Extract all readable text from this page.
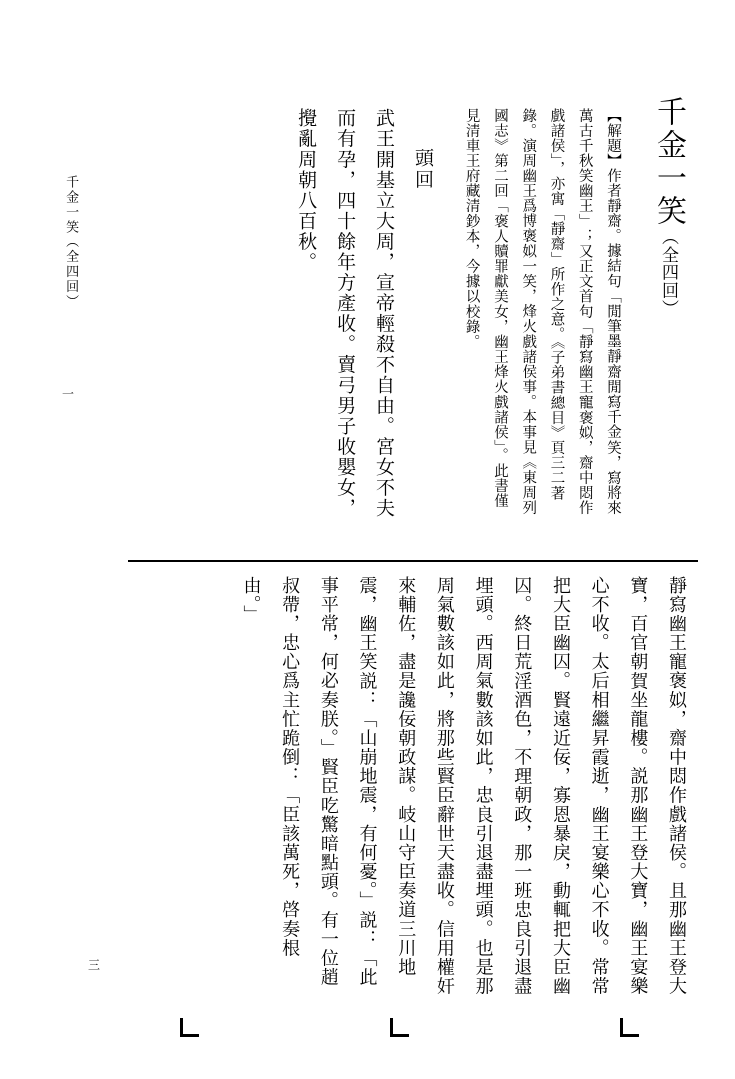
千金一笑（全四回）
一
千金一笑（全四回）
【解題】作者靜齋。據結句「閒筆墨靜齋閒寫千金笑，寫將來萬古千秋笑幽王」；又正文首句「靜寫幽王寵褒姒，齋中悶作戲諸侯」，亦寓「靜齋」所作之意。《子弟書總目》頁三二著錄。演周幽王爲博褒姒一笑，烽火戲諸侯事。本事見《東周列國志》第二回「褒人贖罪獻美女，幽王烽火戲諸侯」。此書僅見清車王府藏清鈔本，今據以校錄。
頭回
武王開基立大周，宣帝輕殺不自由。宮女不夫而有孕，四十餘年方產收。賣弓男子收嬰女，攪亂周朝八百秋。
靜寫幽王寵褒姒，齋中悶作戲諸侯。且那幽王登大寶，百官朝賀坐龍樓。説那幽王登大寶，幽王宴樂心不收。太后相繼昇霞逝，幽王宴樂心不收。常常把大臣幽囚。賢遠近佞，寡恩暴戾，動輒把大臣幽囚。終日荒淫酒色，不理朝政，那一班忠良引退盡埋頭。西周氣數該如此，忠良引退盡埋頭。也是那周氣數該如此，將那些賢臣辭世天盡收。信用權奸來輔佐，盡是讒佞朝政謀。岐山守臣奏道三川地震，幽王笑説：「山崩地震，有何憂。」説：「此事平常，何必奏朕。」賢臣吃驚暗點頭。有一位趙叔帶，忠心爲主忙跪倒：「臣該萬死，啓奏根由。」
三
